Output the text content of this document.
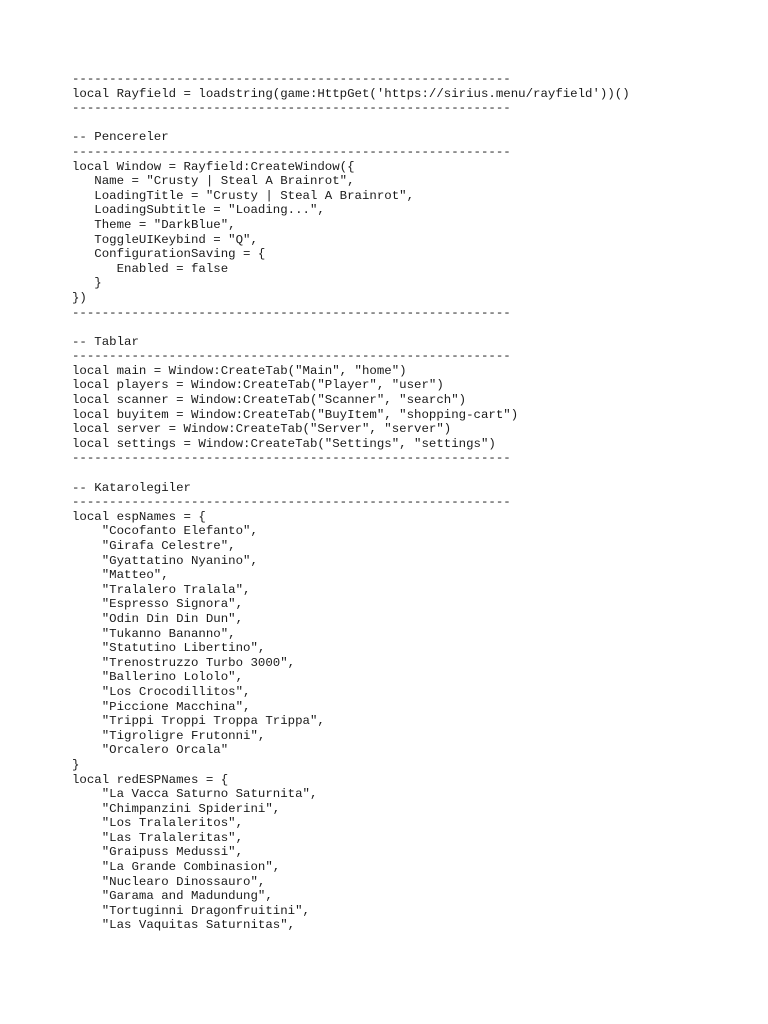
-----------------------------------------------------------
local Rayfield = loadstring(game:HttpGet('https://sirius.menu/rayfield'))()
-----------------------------------------------------------
-- Pencereler
-----------------------------------------------------------
local Window = Rayfield:CreateWindow({
Name = "Crusty | Steal A Brainrot",
LoadingTitle = "Crusty | Steal A Brainrot",
LoadingSubtitle = "Loading...",
Theme = "DarkBlue",
ToggleUIKeybind = "Q",
ConfigurationSaving = {
Enabled = false
}
})
-----------------------------------------------------------
-- Tablar
-----------------------------------------------------------
local main = Window:CreateTab("Main", "home")
local players = Window:CreateTab("Player", "user")
local scanner = Window:CreateTab("Scanner", "search")
local buyitem = Window:CreateTab("BuyItem", "shopping-cart")
local server = Window:CreateTab("Server", "server")
local settings = Window:CreateTab("Settings", "settings")
-----------------------------------------------------------
-- Katarolegiler
-----------------------------------------------------------
local espNames = {
"Cocofanto Elefanto",
"Girafa Celestre",
"Gyattatino Nyanino",
"Matteo",
"Tralalero Tralala",
"Espresso Signora",
"Odin Din Din Dun",
"Tukanno Bananno",
"Statutino Libertino",
"Trenostruzzo Turbo 3000",
"Ballerino Lololo",
"Los Crocodillitos",
"Piccione Macchina",
"Trippi Troppi Troppa Trippa",
"Tigroligre Frutonni",
"Orcalero Orcala"
}
local redESPNames = {
"La Vacca Saturno Saturnita",
"Chimpanzini Spiderini",
"Los Tralaleritos",
"Las Tralaleritas",
"Graipuss Medussi",
"La Grande Combinasion",
"Nuclearo Dinossauro",
"Garama and Madundung",
"Tortuginni Dragonfruitini",
"Las Vaquitas Saturnitas",
